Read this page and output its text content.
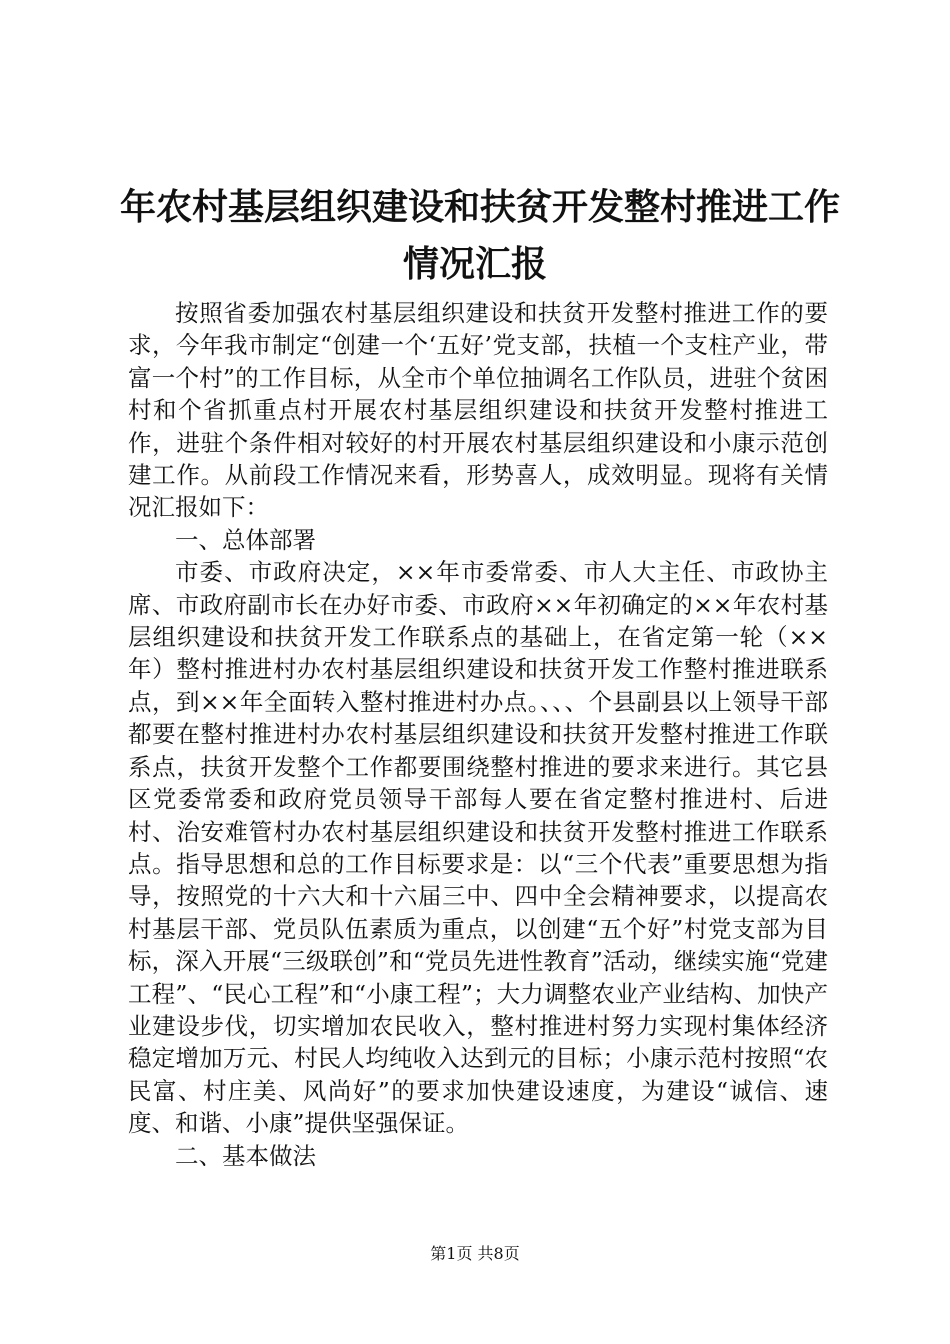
年农村基层组织建设和扶贫开发整村推进工作
情况汇报

按照省委加强农村基层组织建设和扶贫开发整村推进工作的要求，今年我市制定“创建一个‘五好’党支部，扶植一个支柱产业，带富一个村”的工作目标，从全市个单位抽调名工作队员，进驻个贫困村和个省抓重点村开展农村基层组织建设和扶贫开发整村推进工作，进驻个条件相对较好的村开展农村基层组织建设和小康示范创建工作。从前段工作情况来看，形势喜人，成效明显。现将有关情况汇报如下：

一、总体部署

市委、市政府决定，××年市委常委、市人大主任、市政协主席、市政府副市长在办好市委、市政府××年初确定的××年农村基层组织建设和扶贫开发工作联系点的基础上，在省定第一轮（××年）整村推进村办农村基层组织建设和扶贫开发工作整村推进联系点，到××年全面转入整村推进村办点。、、、个县副县以上领导干部都要在整村推进村办农村基层组织建设和扶贫开发整村推进工作联系点，扶贫开发整个工作都要围绕整村推进的要求来进行。其它县区党委常委和政府党员领导干部每人要在省定整村推进村、后进村、治安难管村办农村基层组织建设和扶贫开发整村推进工作联系点。指导思想和总的工作目标要求是：以“三个代表”重要思想为指导，按照党的十六大和十六届三中、四中全会精神要求，以提高农村基层干部、党员队伍素质为重点，以创建“五个好”村党支部为目标，深入开展“三级联创”和“党员先进性教育”活动，继续实施“党建工程”、“民心工程”和“小康工程”；大力调整农业产业结构、加快产业建设步伐，切实增加农民收入，整村推进村努力实现村集体经济稳定增加万元、村民人均纯收入达到元的目标；小康示范村按照“农民富、村庄美、风尚好”的要求加快建设速度，为建设“诚信、速度、和谐、小康”提供坚强保证。

二、基本做法

第1页 共8页
